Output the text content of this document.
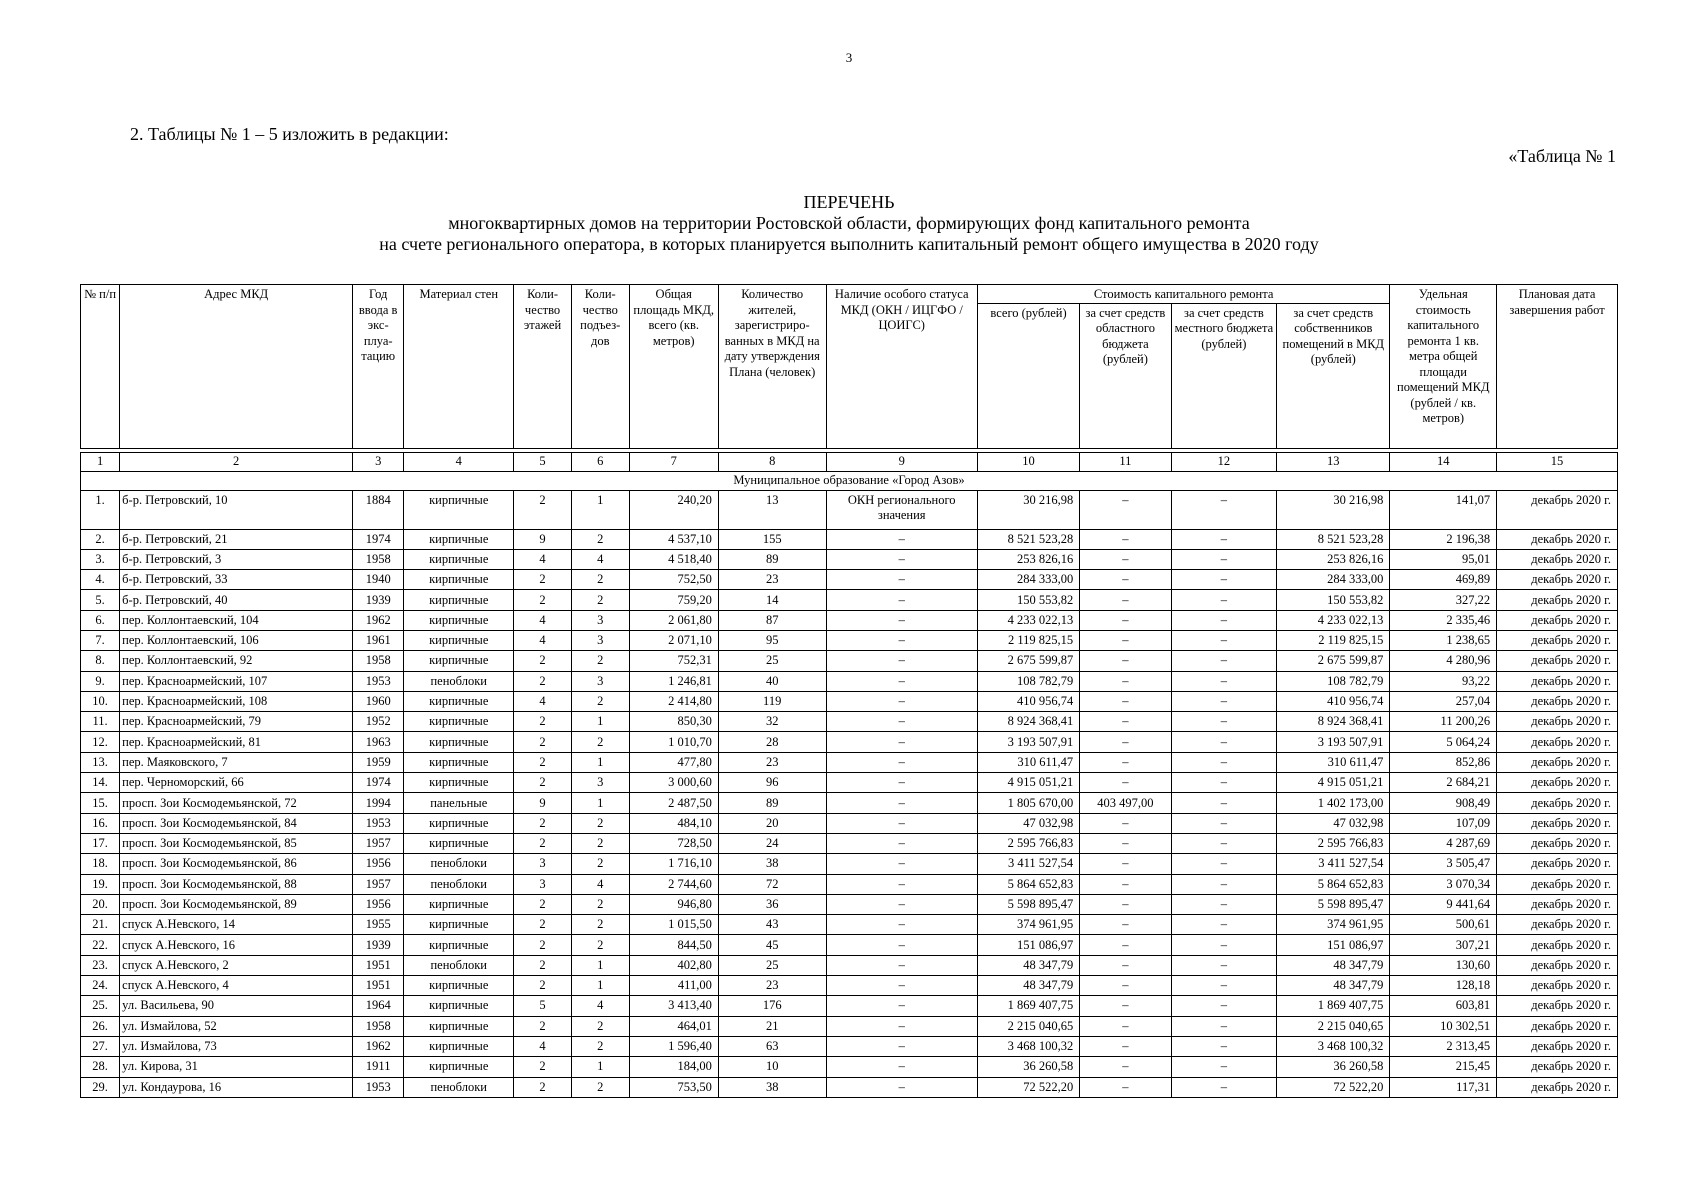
3
2. Таблицы № 1 – 5 изложить в редакции:
«Таблица № 1
ПЕРЕЧЕНЬ
многоквартирных домов на территории Ростовской области, формирующих фонд капитального ремонта
на счете регионального оператора, в которых планируется выполнить капитальный ремонт общего имущества в 2020 году
№ п/п	Адрес МКД	Год ввода в экс-плуа-тацию	Материал стен	Коли-чество этажей	Коли-чество подъез-дов	Общая площадь МКД, всего (кв. метров)	Количество жителей, зарегистриро-ванных в МКД на дату утверждения Плана (человек)	Наличие особого статуса МКД (ОКН / ИЦГФО / ЦОИГС)	Стоимость капитального ремонта				Удельная стоимость капитального ремонта 1 кв. метра общей площади помещений МКД (рублей / кв. метров)	Плановая дата завершения работ
									всего (рублей)	за счет средств областного бюджета (рублей)	за счет средств местного бюджета (рублей)	за счет средств собственников помещений в МКД (рублей)		

1	2	3	4	5	6	7	8	9	10	11	12	13	14	15
Муниципальное образование «Город Азов»														
1.	б-р. Петровский, 10	1884	кирпичные	2	1	240,20	13	ОКН регионального значения	30 216,98	–	–	30 216,98	141,07	декабрь 2020 г.
2.	б-р. Петровский, 21	1974	кирпичные	9	2	4 537,10	155	–	8 521 523,28	–	–	8 521 523,28	2 196,38	декабрь 2020 г.
3.	б-р. Петровский, 3	1958	кирпичные	4	4	4 518,40	89	–	253 826,16	–	–	253 826,16	95,01	декабрь 2020 г.
4.	б-р. Петровский, 33	1940	кирпичные	2	2	752,50	23	–	284 333,00	–	–	284 333,00	469,89	декабрь 2020 г.
5.	б-р. Петровский, 40	1939	кирпичные	2	2	759,20	14	–	150 553,82	–	–	150 553,82	327,22	декабрь 2020 г.
6.	пер. Коллонтаевский, 104	1962	кирпичные	4	3	2 061,80	87	–	4 233 022,13	–	–	4 233 022,13	2 335,46	декабрь 2020 г.
7.	пер. Коллонтаевский, 106	1961	кирпичные	4	3	2 071,10	95	–	2 119 825,15	–	–	2 119 825,15	1 238,65	декабрь 2020 г.
8.	пер. Коллонтаевский, 92	1958	кирпичные	2	2	752,31	25	–	2 675 599,87	–	–	2 675 599,87	4 280,96	декабрь 2020 г.
9.	пер. Красноармейский, 107	1953	пеноблоки	2	3	1 246,81	40	–	108 782,79	–	–	108 782,79	93,22	декабрь 2020 г.
10.	пер. Красноармейский, 108	1960	кирпичные	4	2	2 414,80	119	–	410 956,74	–	–	410 956,74	257,04	декабрь 2020 г.
11.	пер. Красноармейский, 79	1952	кирпичные	2	1	850,30	32	–	8 924 368,41	–	–	8 924 368,41	11 200,26	декабрь 2020 г.
12.	пер. Красноармейский, 81	1963	кирпичные	2	2	1 010,70	28	–	3 193 507,91	–	–	3 193 507,91	5 064,24	декабрь 2020 г.
13.	пер. Маяковского, 7	1959	кирпичные	2	1	477,80	23	–	310 611,47	–	–	310 611,47	852,86	декабрь 2020 г.
14.	пер. Черноморский, 66	1974	кирпичные	2	3	3 000,60	96	–	4 915 051,21	–	–	4 915 051,21	2 684,21	декабрь 2020 г.
15.	просп. Зои Космодемьянской, 72	1994	панельные	9	1	2 487,50	89	–	1 805 670,00	403 497,00	–	1 402 173,00	908,49	декабрь 2020 г.
16.	просп. Зои Космодемьянской, 84	1953	кирпичные	2	2	484,10	20	–	47 032,98	–	–	47 032,98	107,09	декабрь 2020 г.
17.	просп. Зои Космодемьянской, 85	1957	кирпичные	2	2	728,50	24	–	2 595 766,83	–	–	2 595 766,83	4 287,69	декабрь 2020 г.
18.	просп. Зои Космодемьянской, 86	1956	пеноблоки	3	2	1 716,10	38	–	3 411 527,54	–	–	3 411 527,54	3 505,47	декабрь 2020 г.
19.	просп. Зои Космодемьянской, 88	1957	пеноблоки	3	4	2 744,60	72	–	5 864 652,83	–	–	5 864 652,83	3 070,34	декабрь 2020 г.
20.	просп. Зои Космодемьянской, 89	1956	кирпичные	2	2	946,80	36	–	5 598 895,47	–	–	5 598 895,47	9 441,64	декабрь 2020 г.
21.	спуск А.Невского, 14	1955	кирпичные	2	2	1 015,50	43	–	374 961,95	–	–	374 961,95	500,61	декабрь 2020 г.
22.	спуск А.Невского, 16	1939	кирпичные	2	2	844,50	45	–	151 086,97	–	–	151 086,97	307,21	декабрь 2020 г.
23.	спуск А.Невского, 2	1951	пеноблоки	2	1	402,80	25	–	48 347,79	–	–	48 347,79	130,60	декабрь 2020 г.
24.	спуск А.Невского, 4	1951	кирпичные	2	1	411,00	23	–	48 347,79	–	–	48 347,79	128,18	декабрь 2020 г.
25.	ул. Васильева, 90	1964	кирпичные	5	4	3 413,40	176	–	1 869 407,75	–	–	1 869 407,75	603,81	декабрь 2020 г.
26.	ул. Измайлова, 52	1958	кирпичные	2	2	464,01	21	–	2 215 040,65	–	–	2 215 040,65	10 302,51	декабрь 2020 г.
27.	ул. Измайлова, 73	1962	кирпичные	4	2	1 596,40	63	–	3 468 100,32	–	–	3 468 100,32	2 313,45	декабрь 2020 г.
28.	ул. Кирова, 31	1911	кирпичные	2	1	184,00	10	–	36 260,58	–	–	36 260,58	215,45	декабрь 2020 г.
29.	ул. Кондаурова, 16	1953	пеноблоки	2	2	753,50	38	–	72 522,20	–	–	72 522,20	117,31	декабрь 2020 г.
